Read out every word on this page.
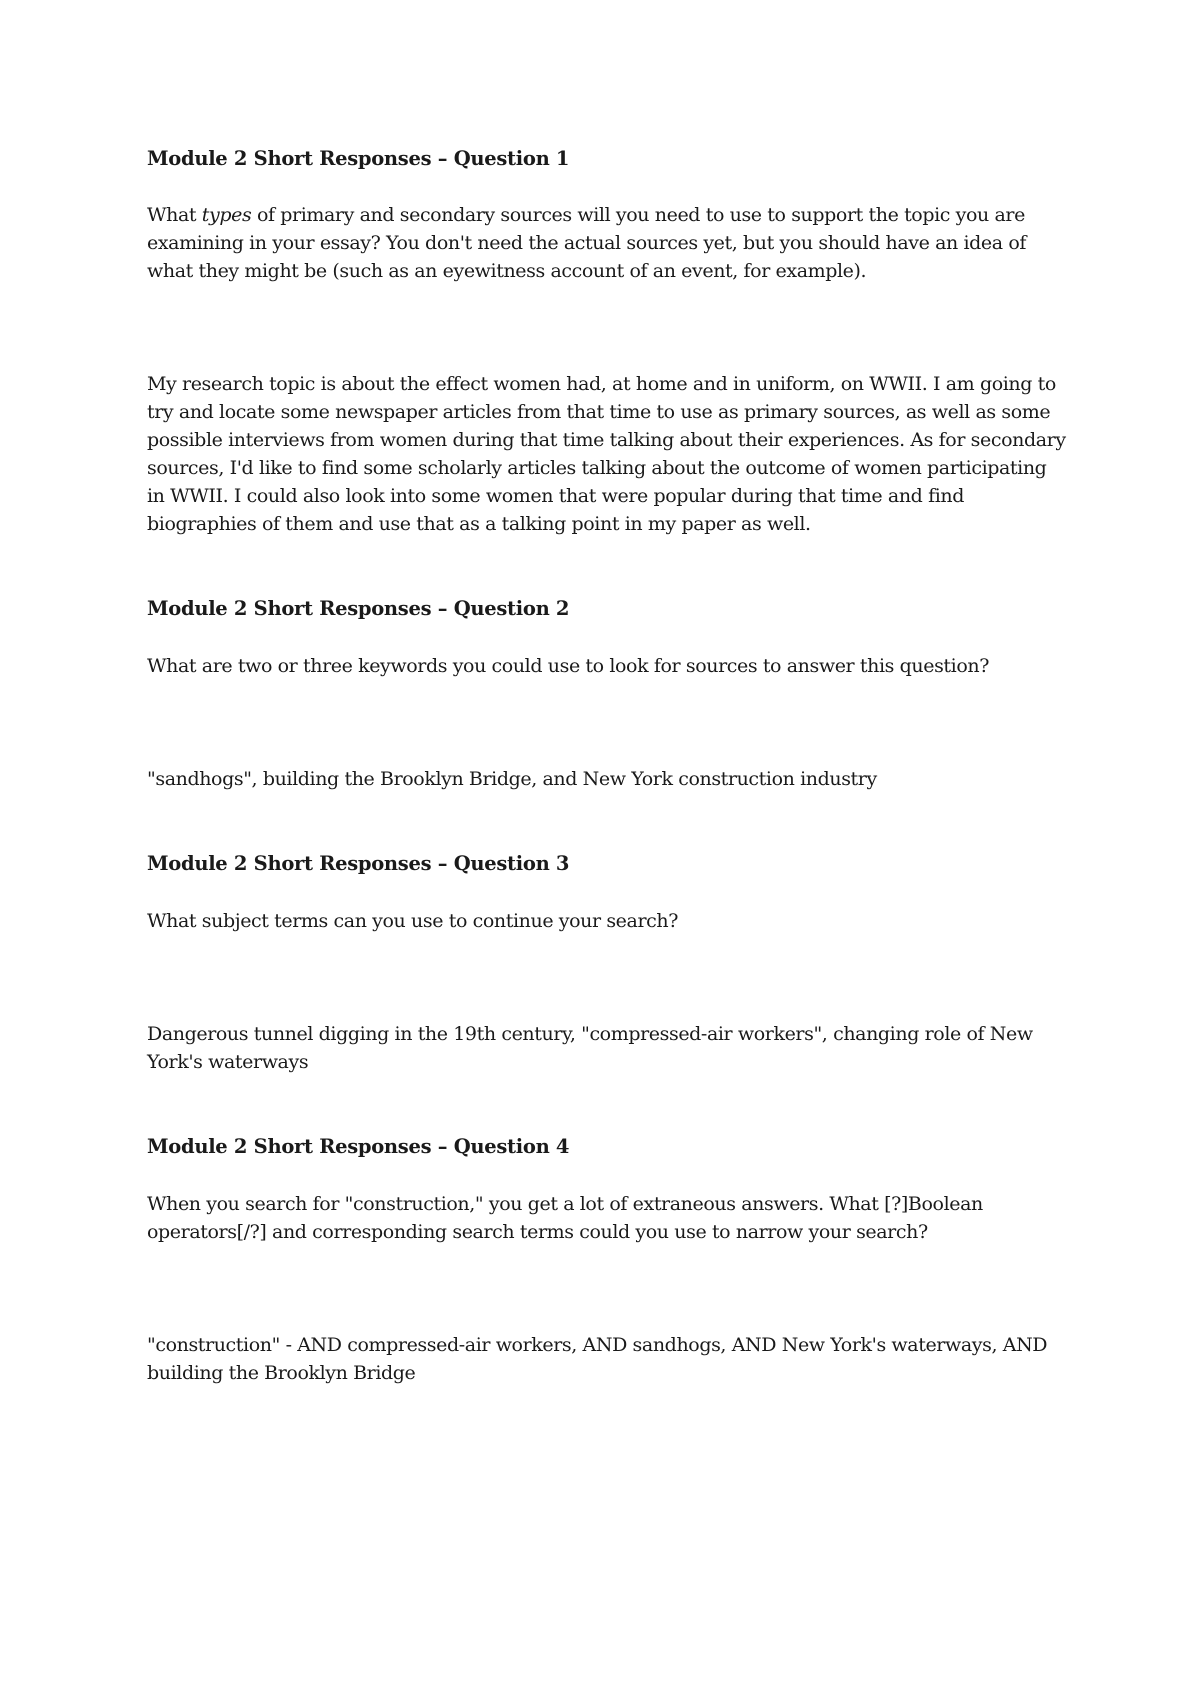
Module 2 Short Responses – Question 1

What types of primary and secondary sources will you need to use to support the topic you are examining in your essay? You don't need the actual sources yet, but you should have an idea of what they might be (such as an eyewitness account of an event, for example).

My research topic is about the effect women had, at home and in uniform, on WWII. I am going to try and locate some newspaper articles from that time to use as primary sources, as well as some possible interviews from women during that time talking about their experiences. As for secondary sources, I'd like to find some scholarly articles talking about the outcome of women participating in WWII. I could also look into some women that were popular during that time and find biographies of them and use that as a talking point in my paper as well.

Module 2 Short Responses – Question 2

What are two or three keywords you could use to look for sources to answer this question?

"sandhogs", building the Brooklyn Bridge, and New York construction industry

Module 2 Short Responses – Question 3

What subject terms can you use to continue your search?

Dangerous tunnel digging in the 19th century, "compressed-air workers", changing role of New York's waterways

Module 2 Short Responses – Question 4

When you search for "construction," you get a lot of extraneous answers. What [?]Boolean operators[/?] and corresponding search terms could you use to narrow your search?

"construction" - AND compressed-air workers, AND sandhogs, AND New York's waterways, AND building the Brooklyn Bridge
